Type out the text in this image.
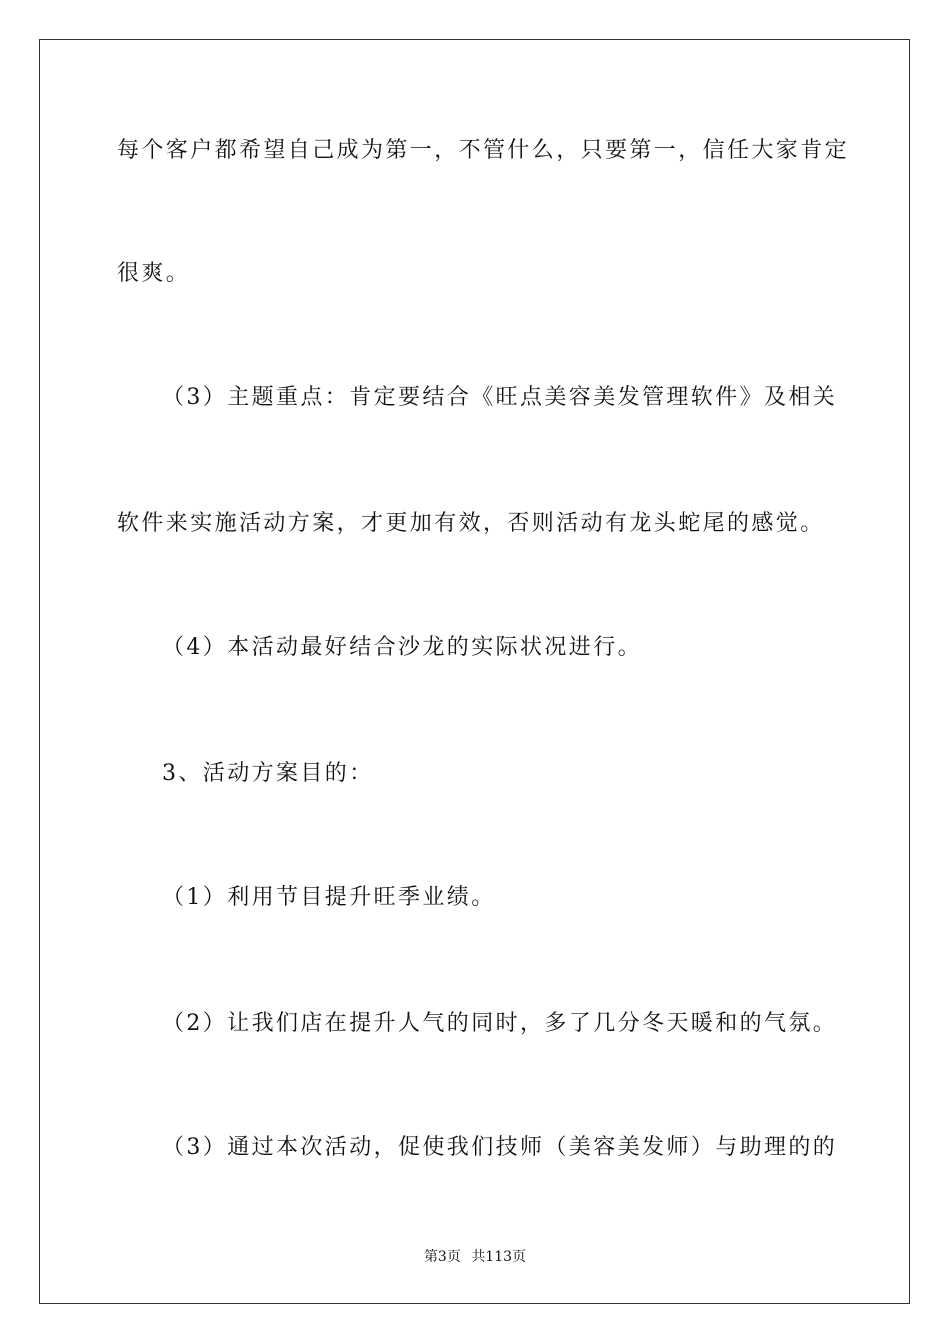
每个客户都希望自己成为第一，不管什么，只要第一，信任大家肯定
很爽。
（3）主题重点：肯定要结合《旺点美容美发管理软件》及相关
软件来实施活动方案，才更加有效，否则活动有龙头蛇尾的感觉。
（4）本活动最好结合沙龙的实际状况进行。
3、活动方案目的：
（1）利用节目提升旺季业绩。
（2）让我们店在提升人气的同时，多了几分冬天暖和的气氛。
（3）通过本次活动，促使我们技师（美容美发师）与助理的的
第3页 共113页
